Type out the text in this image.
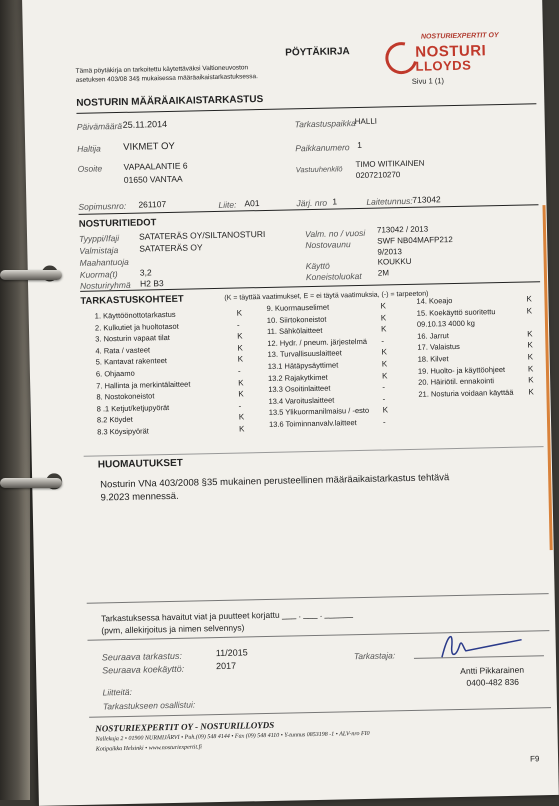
PÖYTÄKIRJA
Tämä pöytäkirja on tarkoitettu käytettäväksi Valtioneuvoston
asetuksen 403/08 34§ mukaisessa määräaikaistarkastuksessa.	Sivu 1 (1)
NOSTURIEXPERTIT OY
NOSTURI
LLOYDS
NOSTURIN MÄÄRÄAIKAISTARKASTUS
Päivämäärä 25.11.2014	Tarkastuspaikka
HALLI
Haltija VIKMET OY	Paikkanumero 1
Osoite VAPAALANTIE 6
01650 VANTAA
Vastuuhenkilö
TIMO WITIKAINEN
0207210270
Sopimusnro: 261107	Liite: A01	Järj. nro 1	Laitetunnus: 713042
NOSTURITIEDOT
Tyyppi/Ifaji SATATERÄS OY/SILTANOSTURI
Valmistaja SATATERÄS OY
Maahantuoja
Kuorma(t)	3,2
Nosturiryhmä H2 B3
Valm. no / vuosi 713042 / 2013
Nostovaunu	SWF NB04MAFP212
9/2013
Käyttö	KOUKKU
Koneistoluokat 2M
TARKASTUSKOHTEET	(K = täyttää vaatimukset, E = ei täytä vaatimuksia, (-) = tarpeeton)
1. Käyttöönottotarkastus	K
2. Kulkutiet ja huoltotasot	-
3. Nosturin vapaat tilat	K
4. Rata / vasteet	K
5. Kantavat rakenteet	K
6. Ohjaamo	-
7. Hallinta ja merkintälaitteet	K
8. Nostokoneistot	K
8 .1 Ketjut/ketjupyörät	-
8.2 Köydet	K
8.3 Köysipyörät	K
9. Kuormauselimet	K
10. Siirtokoneistot	K
11. Sähkölaitteet	K
12. Hydr. / pneum. järjestelmä -
13. Turvallisuuslaitteet	K
13.1 Hätäpysäyttimet	K
13.2 Rajakytkimet	K
13.3 Osoitinlaitteet	-
13.4 Varoituslaitteet	-
13.5 Ylikuormanilmaisu / -esto K
13.6 Toiminnanvalv.laitteet	-
14. Koeajo	K
15. Koekäyttö suoritettu	K
09.10.13 4000 kg
16. Jarrut	K
17. Valaistus	K
18. Kilvet	K
19. Huolto- ja käyttöohjeet	K
20. Häiriötil. ennakointi	K
21. Nosturia voidaan käyttää K
HUOMAUTUKSET
Nosturin VNa 403/2008 §35 mukainen perusteellinen määräaikaistarkastus tehtävä
9.2023 mennessä.
Tarkastuksessa havaitut viat ja puutteet korjattu ___ . ___ . ______
(pvm, allekirjoitus ja nimen selvennys)
Seuraava tarkastus:	11/2015
Seuraava koekäyttö:	2017
Tarkastaja:
Antti Pikkarainen
0400-482 836
Liitteitä:
Tarkastukseen osallistui:
NOSTURIEXPERTIT OY - NOSTURILLOYDS
Nallekuja 2 • 01900 NURMIJÄRVI • Puh.(09) 548 4144 • Fax (09) 548 4110 • Y-tunnus 0853198 -1 • ALV-nro FI0
Kotipaikka Helsinki • www.nosturiexpertit.fi
F9
